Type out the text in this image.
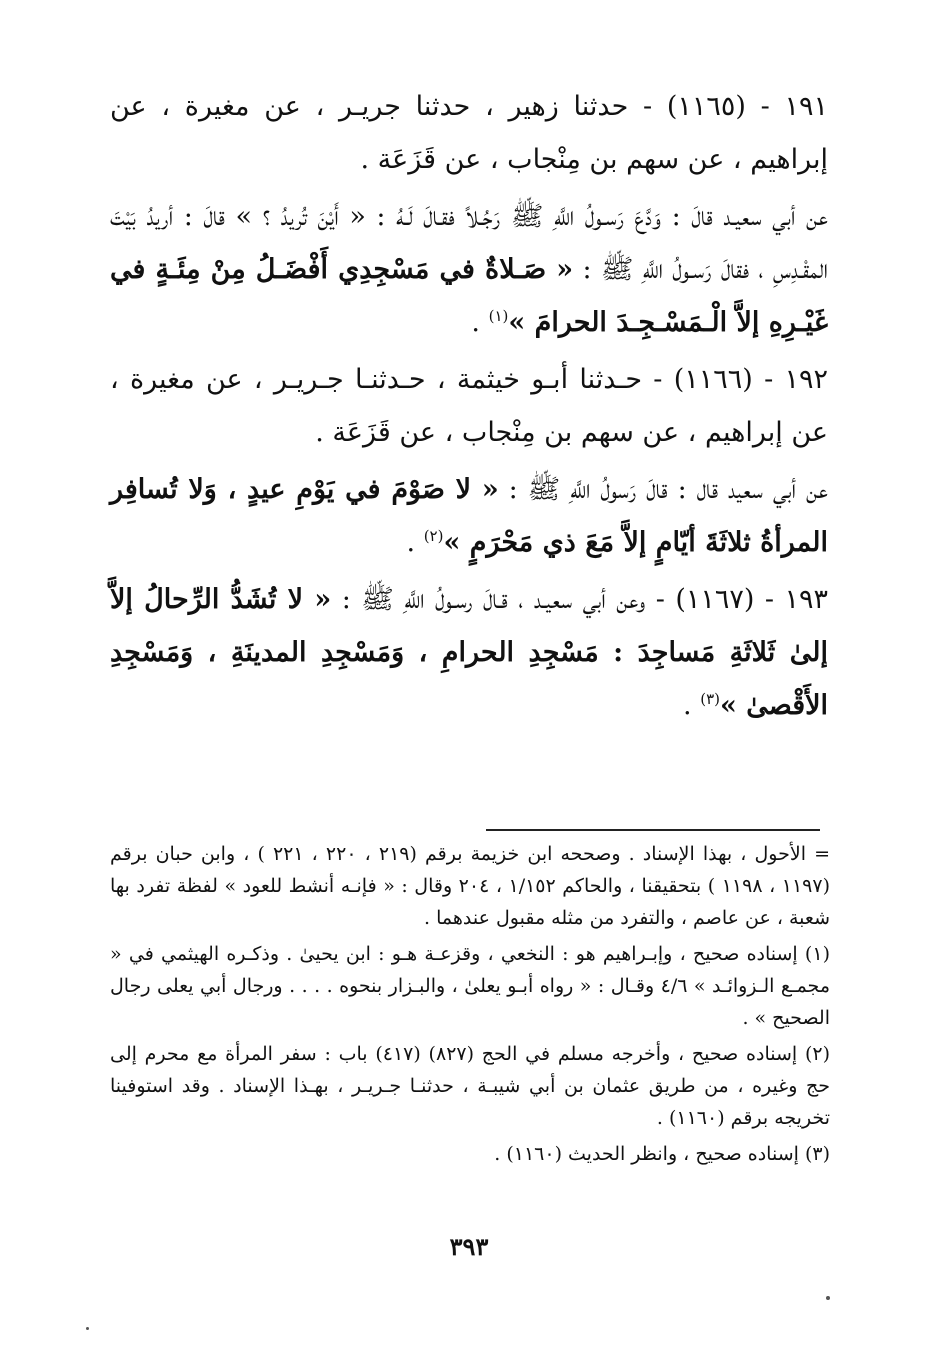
١٩١ - (١١٦٥) - حدثنا زهير ، حدثنا جريـر ، عن مغيرة ، عن إبراهيم ، عن سهم بن مِنْجاب ، عن قَزَعَة .

عن أبي سعيـد قالَ : وَدَّعَ رَسـولُ اللَّهِ ﷺ رَجُـلاً فقـالَ لَـهُ : « أَيْنَ تُريدُ ؟ » قالَ : أريدُ بَيْتَ المقْـدِسِ ، فقالَ رَسـولُ اللَّهِ ﷺ : « صَـلاةٌ في مَسْجِدِي أَفْضَـلُ مِنْ مِئَـةٍ في غَيْـرِهِ إلاَّ الْـمَسْـجِـدَ الحرامَ »$^{(١)}$ .

١٩٢ - (١١٦٦) - حـدثنا أبـو خيثمة ، حـدثنـا جـريـر ، عن مغيرة ، عن إبراهيم ، عن سهم بن مِنْجاب ، عن قَزَعَة .

عن أبي سعيد قال : قالَ رَسولُ اللَّهِ ﷺ : « لا صَوْمَ في يَوْمِ عيدٍ ، وَلا تُسافِر المرأةُ ثلاثَةَ أيّامٍ إلاَّ مَعَ ذي مَحْرَمٍ »$^{(٢)}$ .

١٩٣ - (١١٦٧) - وعن أبي سعيـد ، قـالَ رسـولُ اللَّهِ ﷺ : « لا تُشَدُّ الرِّحالُ إلاَّ إلىٰ ثَلاثَةِ مَساجِدَ : مَسْجِدِ الحرامِ ، وَمَسْجِدِ المدينَةِ ، وَمَسْجِدِ الأَقْصىٰ »$^{(٣)}$ .

= الأحول ، بهذا الإسناد . وصححه ابن خزيمة برقم (٢١٩ ، ٢٢٠ ، ٢٢١ ) ، وابن حبان برقم (١١٩٧ ، ١١٩٨ ) بتحقيقنا ، والحاكم ١/١٥٢ ، ٢٠٤ وقال : « فإنـه أنشط للعود » لفظة تفرد بها شعبة ، عن عاصم ، والتفرد من مثله مقبول عندهما .

(١) إسناده صحيح ، وإبـراهيم هو : النخعي ، وقزعـة هـو : ابن يحيىٰ . وذكـره الهيثمي في « مجمـع الـزوائـد » ٤/٦ وقـال : « رواه أبـو يعلىٰ ، والبـزار بنحوه . . . . ورجال أبي يعلى رجال الصحيح » .

(٢) إسناده صحيح ، وأخرجه مسلم في الحج (٨٢٧) (٤١٧) باب : سفر المرأة مع محرم إلى حج وغيره ، من طريق عثمان بن أبي شيبـة ، حدثنـا جـريـر ، بهـذا الإسناد . وقد استوفينا تخريجه برقم (١١٦٠) .

(٣) إسناده صحيح ، وانظر الحديث (١١٦٠) .

٣٩٣
